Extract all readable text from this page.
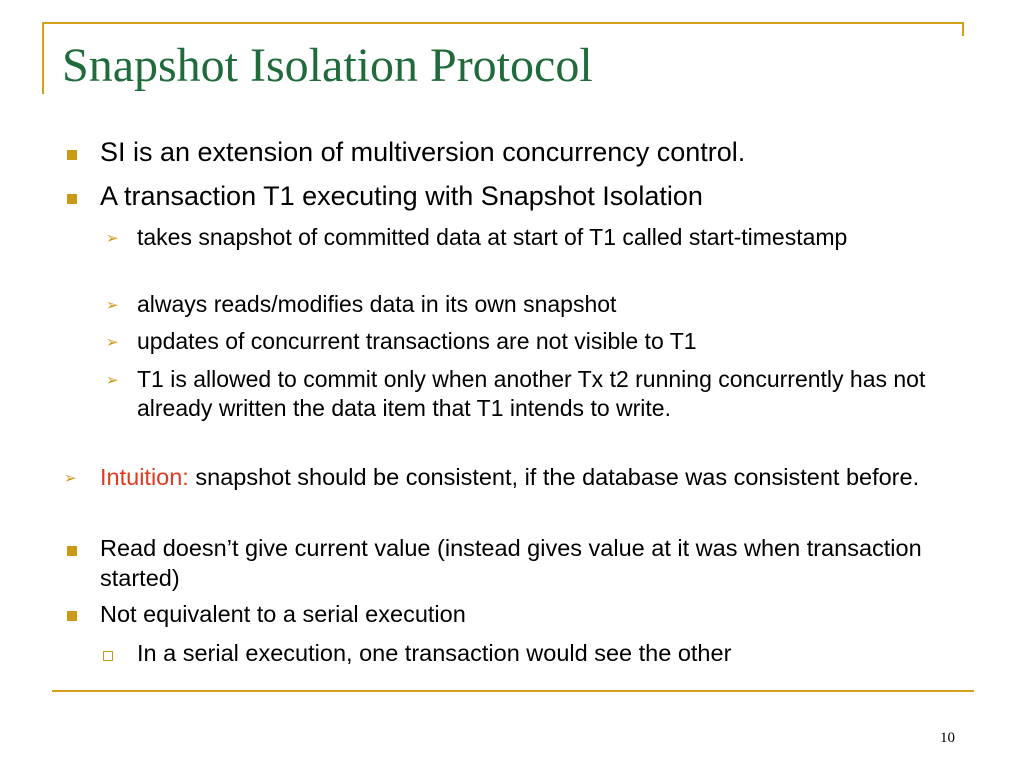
Snapshot Isolation Protocol

SI is an extension of multiversion concurrency control.

A transaction T1 executing with Snapshot Isolation

➢ takes snapshot of committed data at start of T1 called start-timestamp

➢ always reads/modifies data in its own snapshot

➢ updates of concurrent transactions are not visible to T1

➢ T1 is allowed to commit only when another Tx t2 running concurrently has not already written the data item that T1 intends to write.

➢ Intuition: snapshot should be consistent, if the database was consistent before.

Read doesn’t give current value (instead gives value at it was when transaction started)

Not equivalent to a serial execution

In a serial execution, one transaction would see the other

10
